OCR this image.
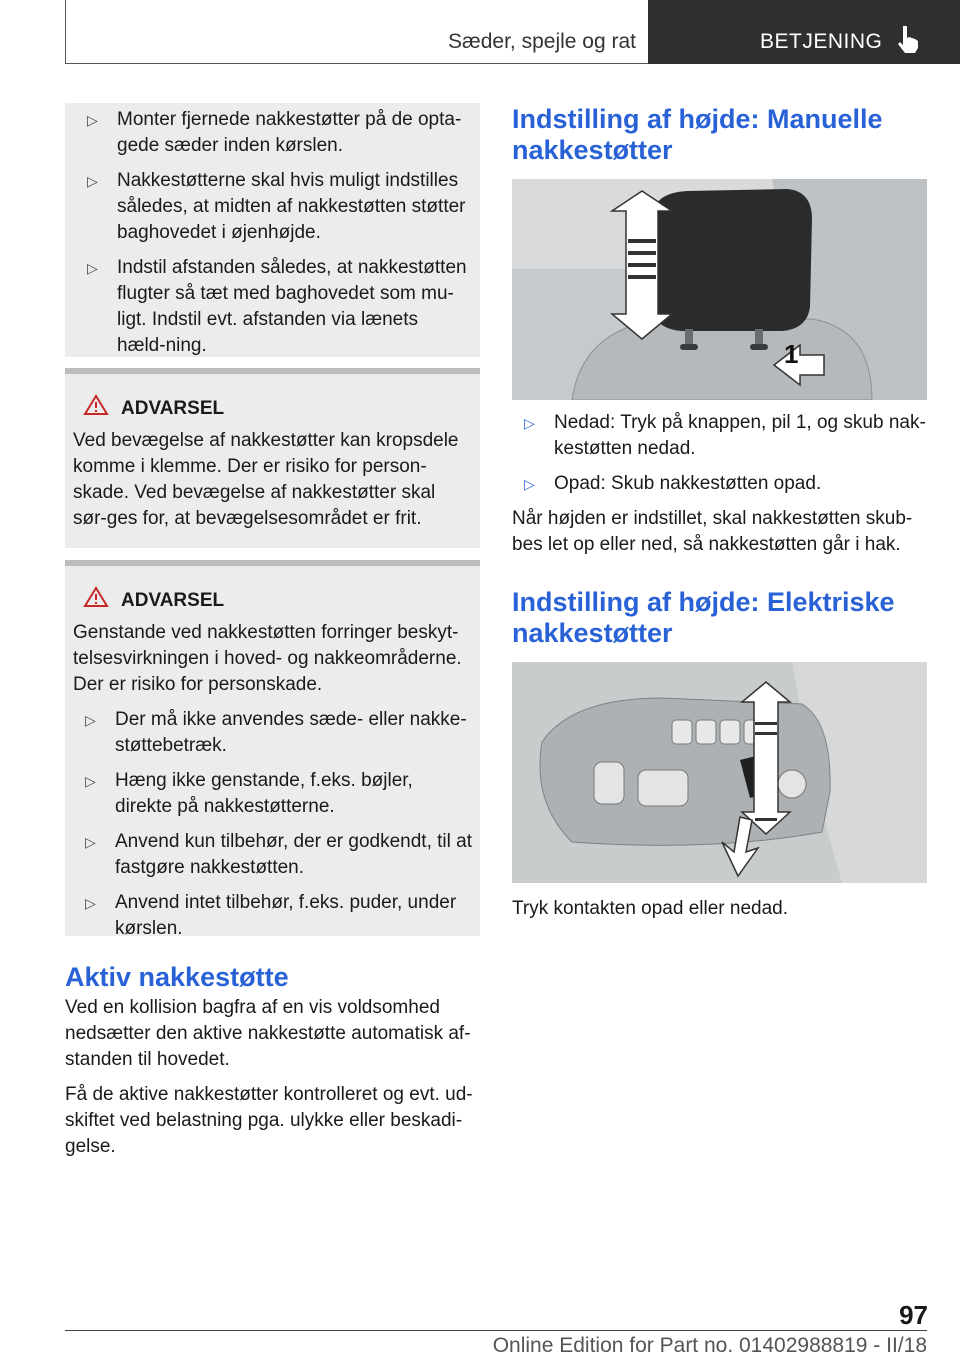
Sæder, spejle og rat	BETJENING
▷ Monter fjernede nakkestøtter på de opta-gede sæder inden kørslen.
▷ Nakkestøtterne skal hvis muligt indstilles således, at midten af nakkestøtten støtter baghovedet i øjenhøjde.
▷ Indstil afstanden således, at nakkestøtten flugter så tæt med baghovedet som mu-ligt. Indstil evt. afstanden via lænets hæld-ning.
ADVARSEL

Ved bevægelse af nakkestøtter kan kropsdele komme i klemme. Der er risiko for person-skade. Ved bevægelse af nakkestøtter skal sør-ges for, at bevægelsesområdet er frit.

ADVARSEL

Genstande ved nakkestøtten forringer beskyt-telsesvirkningen i hoved- og nakkeområderne. Der er risiko for personskade.

▷ Der må ikke anvendes sæde- eller nakke-støttebetræk.
▷ Hæng ikke genstande, f.eks. bøjler, direkte på nakkestøtterne.
▷ Anvend kun tilbehør, der er godkendt, til at fastgøre nakkestøtten.
▷ Anvend intet tilbehør, f.eks. puder, under kørslen.
Aktiv nakkestøtte

Ved en kollision bagfra af en vis voldsomhed nedsætter den aktive nakkestøtte automatisk af-standen til hovedet.

Få de aktive nakkestøtter kontrolleret og evt. ud-skiftet ved belastning pga. ulykke eller beskadi-gelse.

Indstilling af højde: Manuelle nakkestøtter
1
▷ Nedad: Tryk på knappen, pil 1, og skub nak-kestøtten nedad.
▷ Opad: Skub nakkestøtten opad.

Når højden er indstillet, skal nakkestøtten skub-bes let op eller ned, så nakkestøtten går i hak.

Indstilling af højde: Elektriske nakkestøtter

Tryk kontakten opad eller nedad.

97
Online Edition for Part no. 01402988819 - II/18
